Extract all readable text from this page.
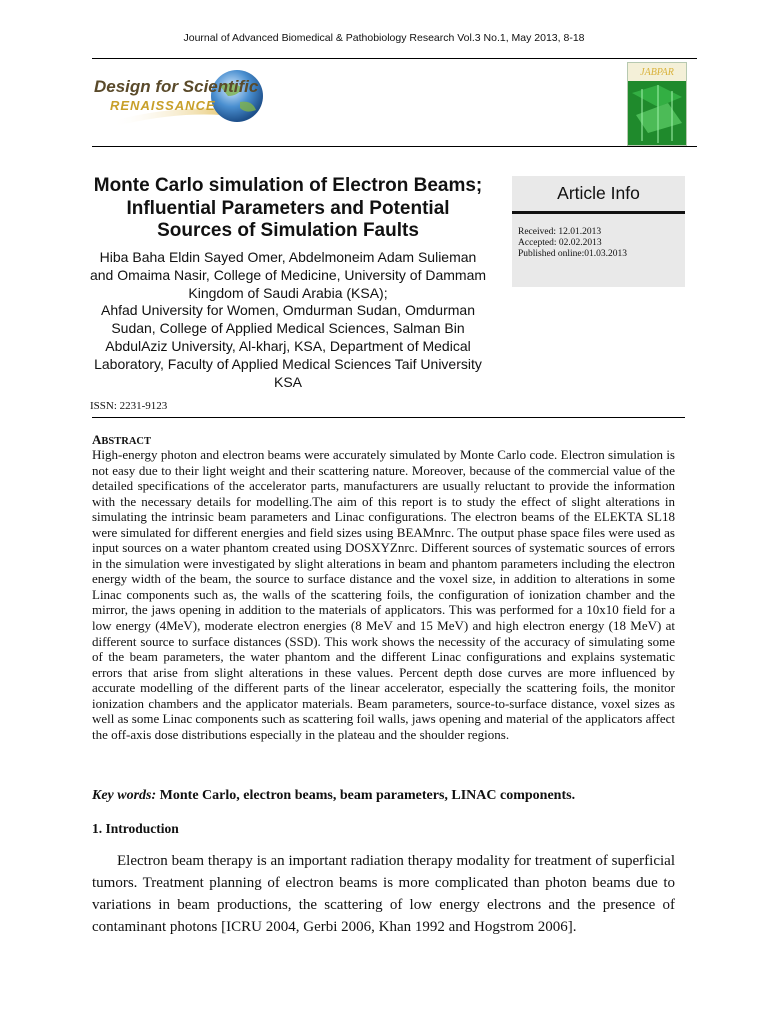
Journal of Advanced Biomedical & Pathobiology Research Vol.3 No.1, May 2013, 8-18
Design for Scientific
RENAISSANCE
JABPAR
Monte Carlo simulation of Electron Beams; Influential Parameters and Potential Sources of Simulation Faults
Hiba Baha Eldin Sayed Omer, Abdelmoneim Adam Sulieman and Omaima Nasir, College of Medicine, University of Dammam Kingdom of Saudi Arabia (KSA);
Ahfad University for Women, Omdurman Sudan, Omdurman Sudan, College of Applied Medical Sciences, Salman Bin AbdulAziz University, Al-kharj, KSA, Department of Medical Laboratory, Faculty of Applied Medical Sciences Taif University KSA
ISSN: 2231-9123
Article Info
Received: 12.01.2013
Accepted: 02.02.2013
Published online:01.03.2013
ABSTRACT

High-energy photon and electron beams were accurately simulated by Monte Carlo code. Electron simulation is not easy due to their light weight and their scattering nature. Moreover, because of the commercial value of the detailed specifications of the accelerator parts, manufacturers are usually reluctant to provide the information with the necessary details for modelling.The aim of this report is to study the effect of slight alterations in simulating the intrinsic beam parameters and Linac configurations. The electron beams of the ELEKTA SL18 were simulated for different energies and field sizes using BEAMnrc. The output phase space files were used as input sources on a water phantom created using DOSXYZnrc. Different sources of systematic sources of errors in the simulation were investigated by slight alterations in beam and phantom parameters including the electron energy width of the beam, the source to surface distance and the voxel size, in addition to alterations in some Linac components such as, the walls of the scattering foils, the configuration of ionization chamber and the mirror, the jaws opening in addition to the materials of applicators. This was performed for a 10x10 field for a low energy (4MeV), moderate electron energies (8 MeV and 15 MeV) and high electron energy (18 MeV) at different source to surface distances (SSD). This work shows the necessity of the accuracy of simulating some of the beam parameters, the water phantom and the different Linac configurations and explains systematic errors that arise from slight alterations in these values. Percent depth dose curves are more influenced by accurate modelling of the different parts of the linear accelerator, especially the scattering foils, the monitor ionization chambers and the applicator materials. Beam parameters, source-to-surface distance, voxel sizes as well as some Linac components such as scattering foil walls, jaws opening and material of the applicators affect the off-axis dose distributions especially in the plateau and the shoulder regions.

Key words: Monte Carlo, electron beams, beam parameters, LINAC components.
1. Introduction

Electron beam therapy is an important radiation therapy modality for treatment of superficial tumors. Treatment planning of electron beams is more complicated than photon beams due to variations in beam productions, the scattering of low energy electrons and the presence of contaminant photons [ICRU 2004, Gerbi 2006, Khan 1992 and Hogstrom 2006].
